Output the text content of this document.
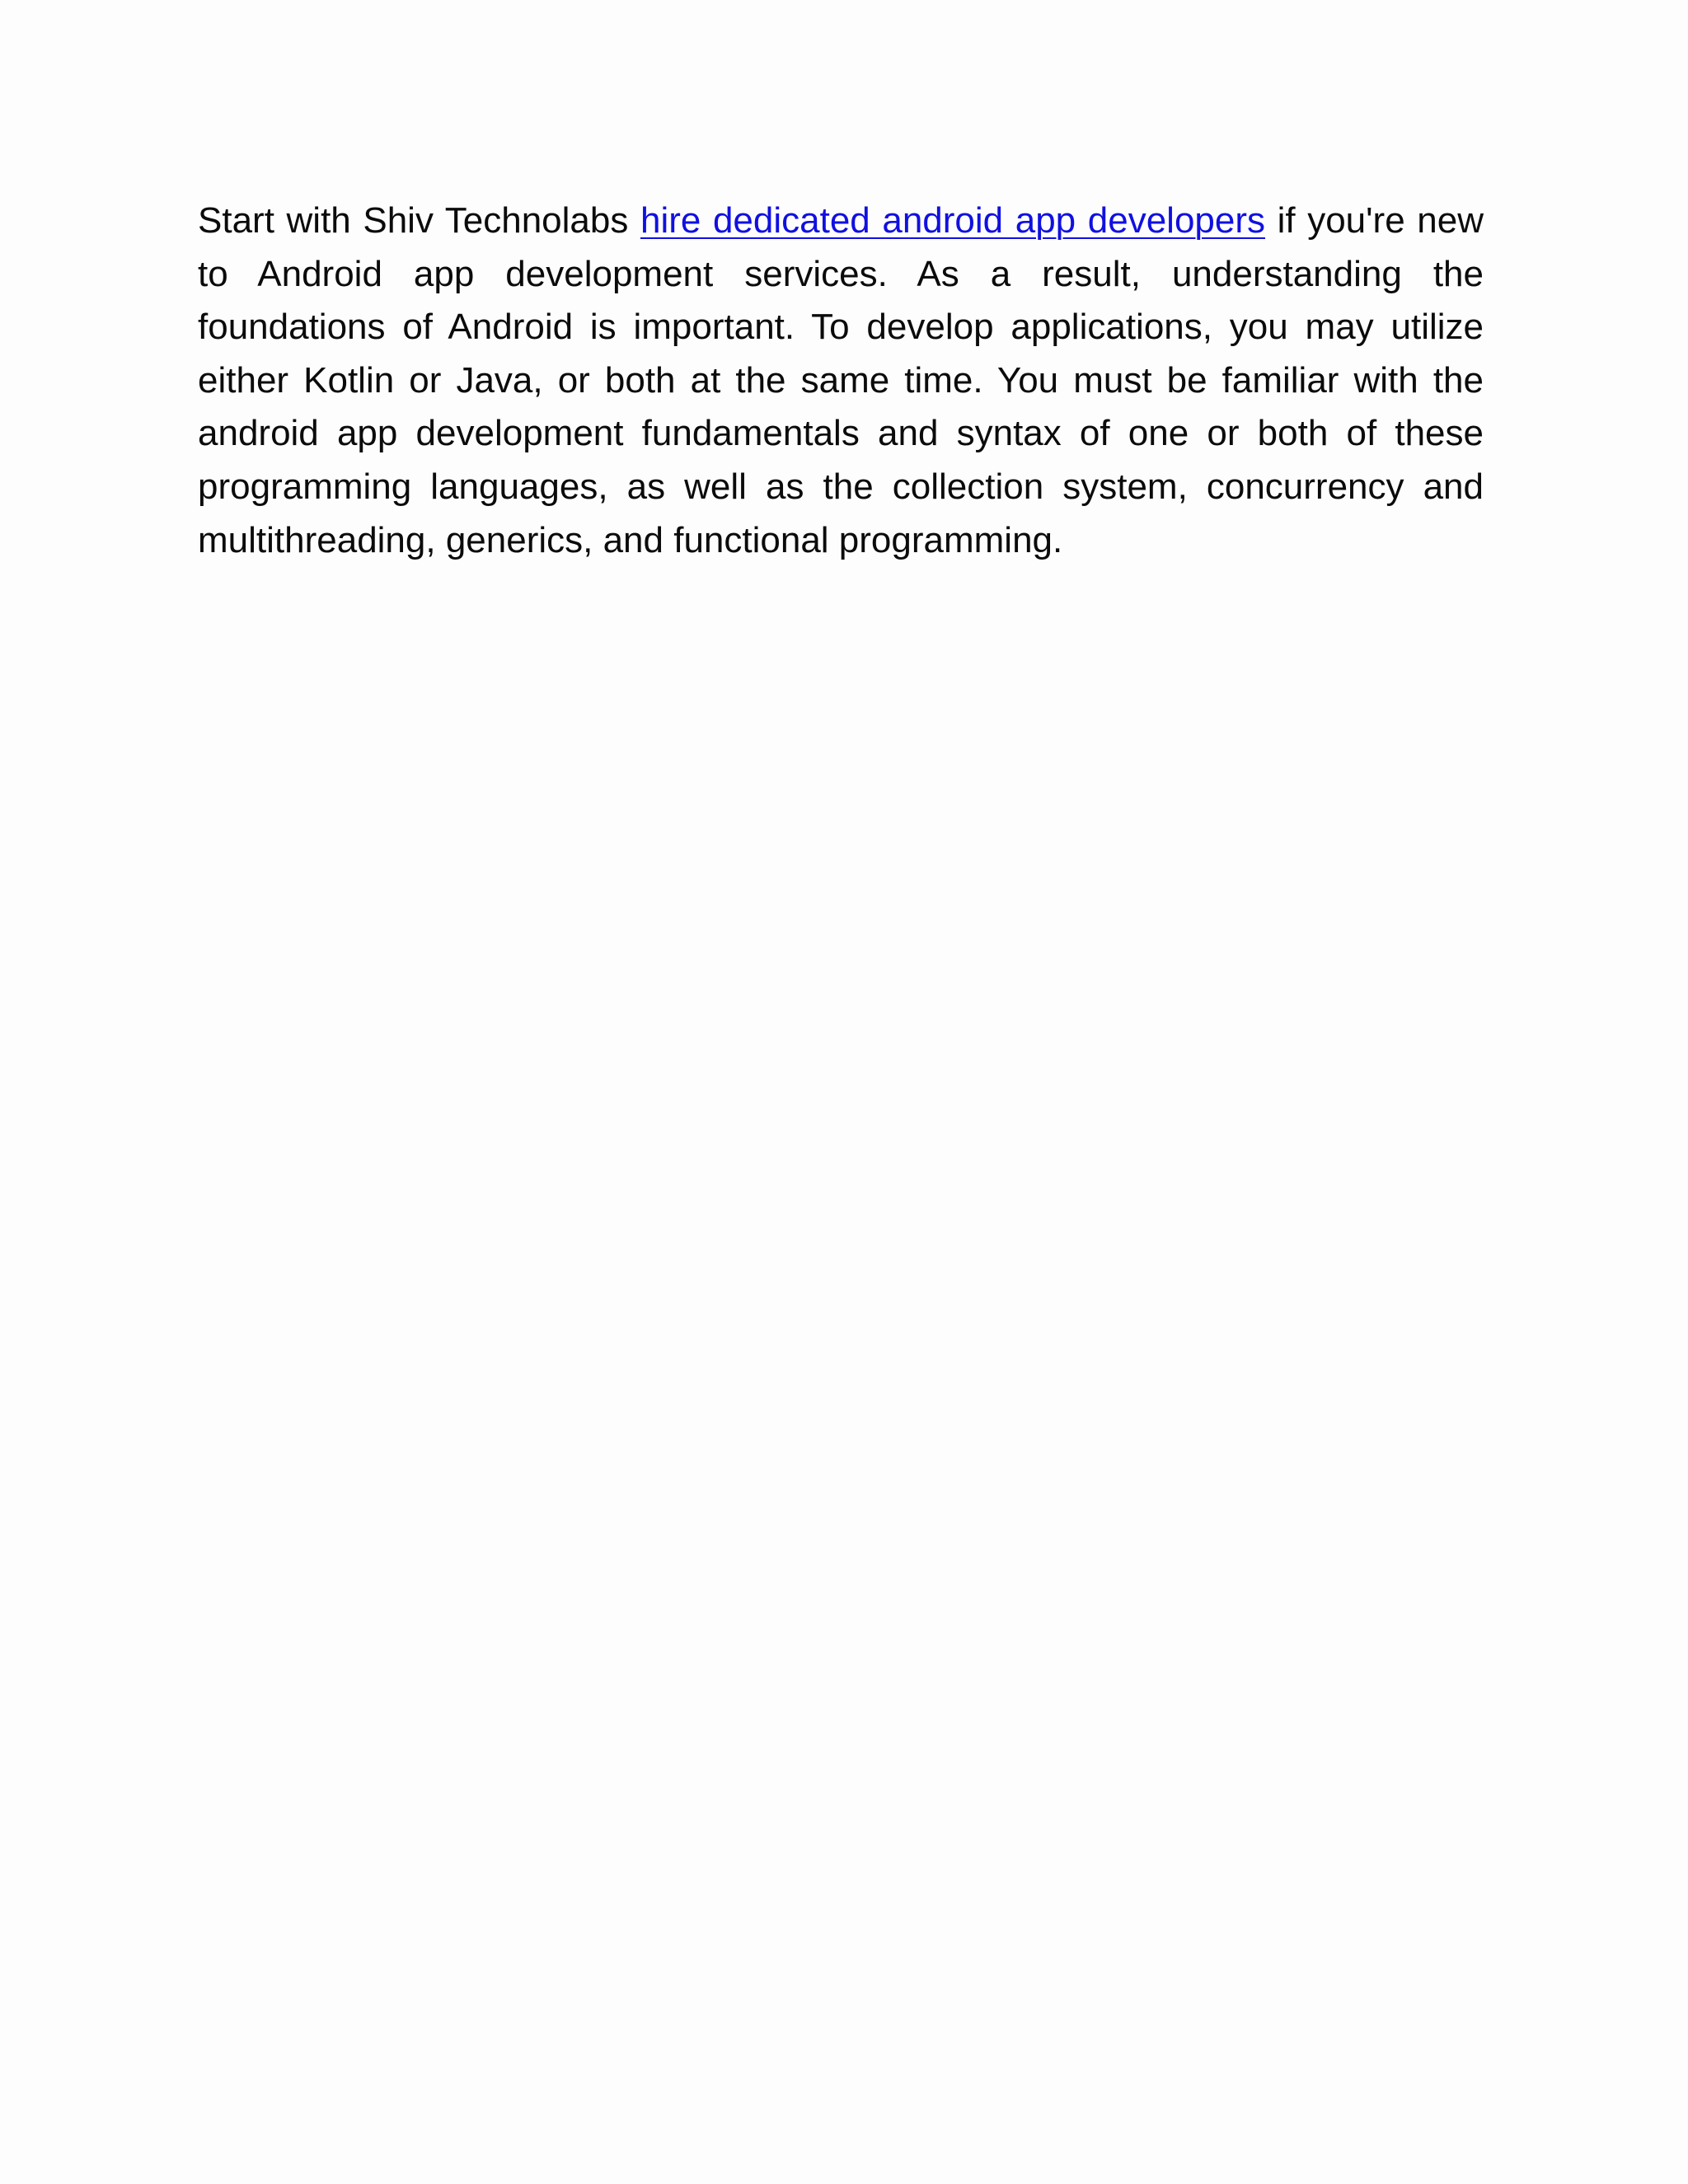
Start with Shiv Technolabs hire dedicated android app developers if you're new to Android app development services. As a result, understanding the foundations of Android is important. To develop applications, you may utilize either Kotlin or Java, or both at the same time. You must be familiar with the android app development fundamentals and syntax of one or both of these programming languages, as well as the collection system, concurrency and multithreading, generics, and functional programming.
